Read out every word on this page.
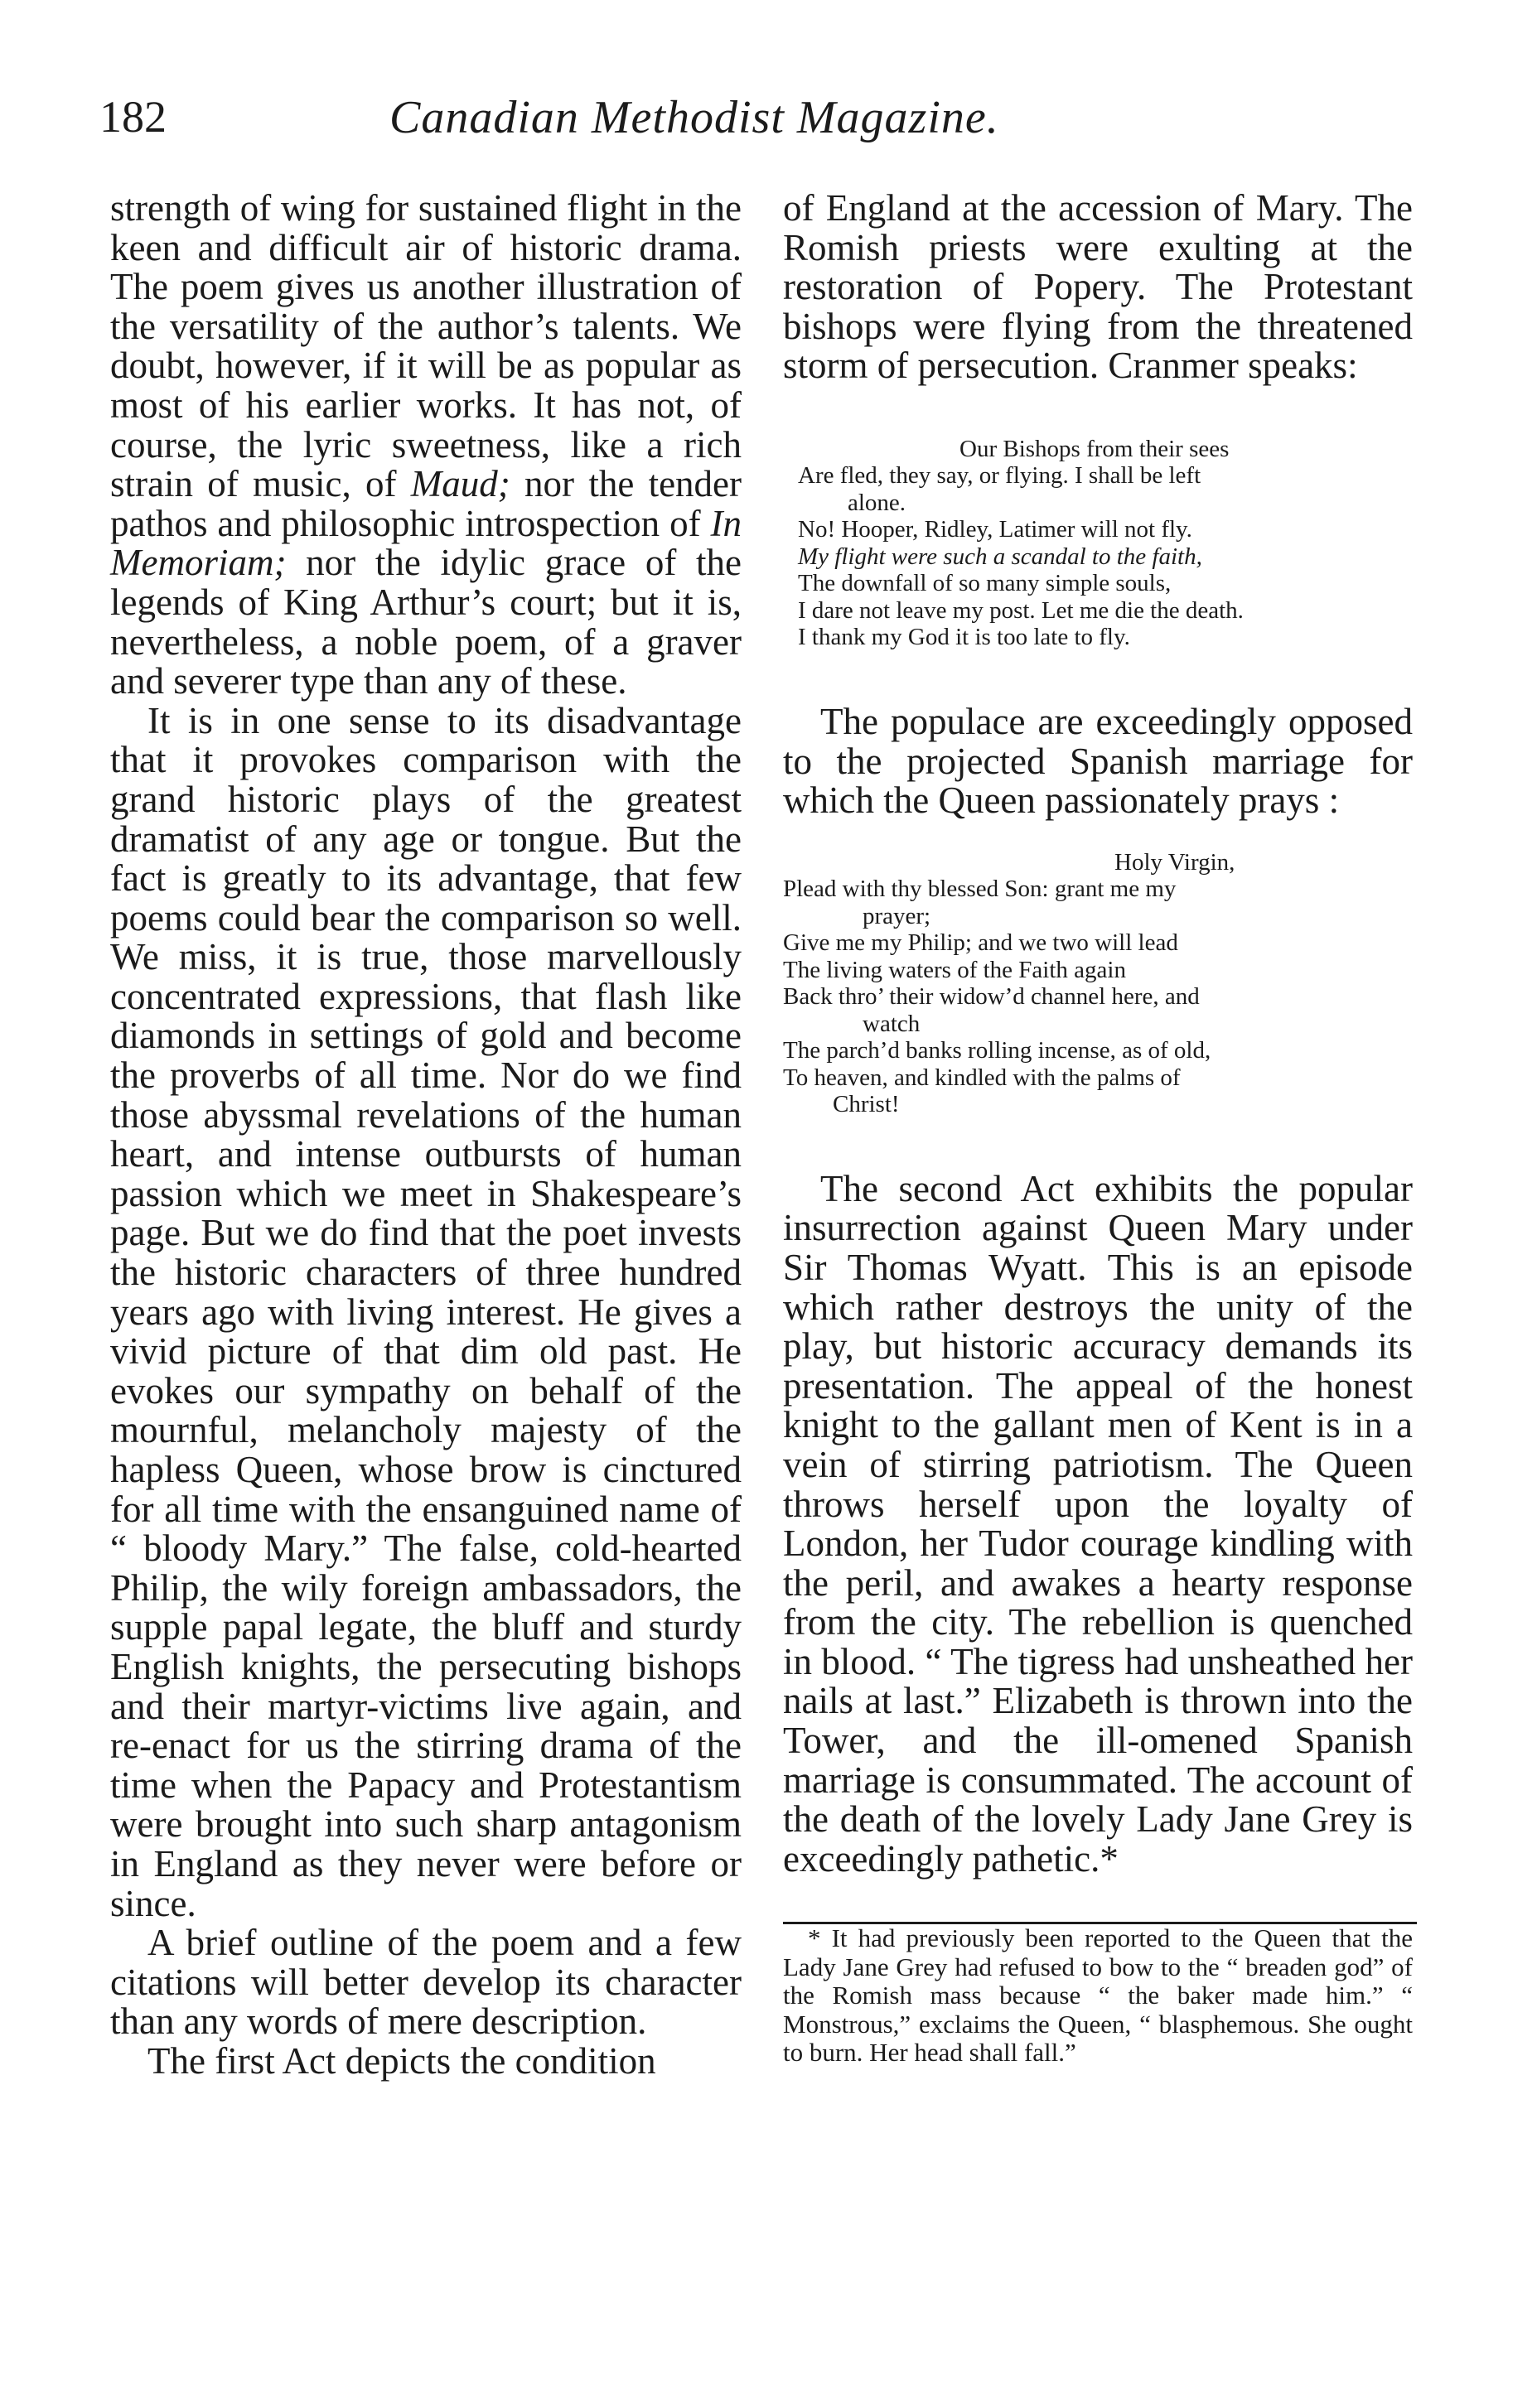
182	Canadian Methodist Magazine.

strength of wing for sustained flight in the keen and difficult air of historic drama. The poem gives us another illustration of the versatility of the author’s talents. We doubt, however, if it will be as popular as most of his earlier works. It has not, of course, the lyric sweetness, like a rich strain of music, of Maud; nor the tender pathos and philosophic introspection of In Memoriam; nor the idylic grace of the legends of King Arthur’s court; but it is, nevertheless, a noble poem, of a graver and severer type than any of these.

It is in one sense to its disadvantage that it provokes comparison with the grand historic plays of the greatest dramatist of any age or tongue. But the fact is greatly to its advantage, that few poems could bear the comparison so well. We miss, it is true, those marvellously concentrated expressions, that flash like diamonds in settings of gold and become the proverbs of all time. Nor do we find those abyssmal revelations of the human heart, and intense outbursts of human passion which we meet in Shakespeare’s page. But we do find that the poet invests the historic characters of three hundred years ago with living interest. He gives a vivid picture of that dim old past. He evokes our sympathy on behalf of the mournful, melancholy majesty of the hapless Queen, whose brow is cinctured for all time with the ensanguined name of “ bloody Mary.” The false, cold-hearted Philip, the wily foreign ambassadors, the supple papal legate, the bluff and sturdy English knights, the persecuting bishops and their martyr-victims live again, and re-enact for us the stirring drama of the time when the Papacy and Protestantism were brought into such sharp antagonism in England as they never were before or since.

A brief outline of the poem and a few citations will better develop its character than any words of mere description.

The first Act depicts the condition

of England at the accession of Mary. The Romish priests were exulting at the restoration of Popery. The Protestant bishops were flying from the threatened storm of persecution. Cranmer speaks:

Our Bishops from their sees
Are fled, they say, or flying. I shall be left
alone.
No! Hooper, Ridley, Latimer will not fly.
My flight were such a scandal to the faith,
The downfall of so many simple souls,
I dare not leave my post. Let me die the death.
I thank my God it is too late to fly.

The populace are exceedingly opposed to the projected Spanish marriage for which the Queen passionately prays :

Holy Virgin,
Plead with thy blessed Son: grant me my
prayer;
Give me my Philip; and we two will lead
The living waters of the Faith again
Back thro’ their widow’d channel here, and
watch
The parch’d banks rolling incense, as of old,
To heaven, and kindled with the palms of
Christ!

The second Act exhibits the popular insurrection against Queen Mary under Sir Thomas Wyatt. This is an episode which rather destroys the unity of the play, but historic accuracy demands its presentation. The appeal of the honest knight to the gallant men of Kent is in a vein of stirring patriotism. The Queen throws herself upon the loyalty of London, her Tudor courage kindling with the peril, and awakes a hearty response from the city. The rebellion is quenched in blood. “ The tigress had unsheathed her nails at last.” Elizabeth is thrown into the Tower, and the ill-omened Spanish marriage is consummated. The account of the death of the lovely Lady Jane Grey is exceedingly pathetic.*

* It had previously been reported to the Queen that the Lady Jane Grey had refused to bow to the “ breaden god” of the Romish mass because “ the baker made him.” “ Monstrous,” exclaims the Queen, “ blasphemous. She ought to burn. Her head shall fall.”
